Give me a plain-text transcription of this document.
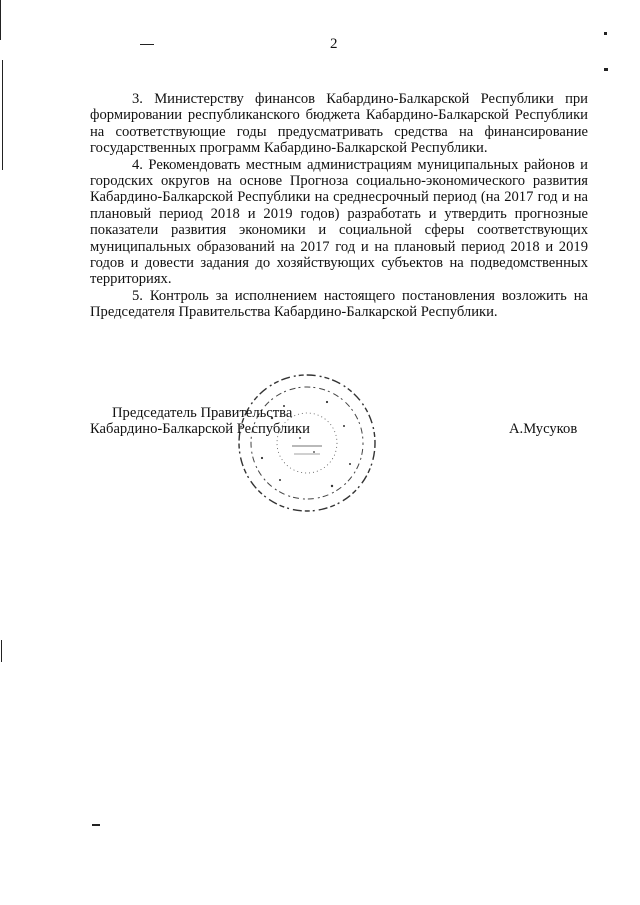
2

3. Министерству финансов Кабардино-Балкарской Республики при формировании республиканского бюджета Кабардино-Балкарской Республики на соответствующие годы предусматривать средства на финансирование государственных программ Кабардино-Балкарской Республики.

4. Рекомендовать местным администрациям муниципальных районов и городских округов на основе Прогноза социально-экономического развития Кабардино-Балкарской Республики на среднесрочный период (на 2017 год и на плановый период 2018 и 2019 годов) разработать и утвердить прогнозные показатели развития экономики и социальной сферы соответствующих муниципальных образований на 2017 год и на плановый период 2018 и 2019 годов и довести задания до хозяйствующих субъектов на подведомственных территориях.

5. Контроль за исполнением настоящего постановления возложить на Председателя Правительства Кабардино-Балкарской Республики.

Председатель Правительства
Кабардино-Балкарской Республики	А.Мусуков
